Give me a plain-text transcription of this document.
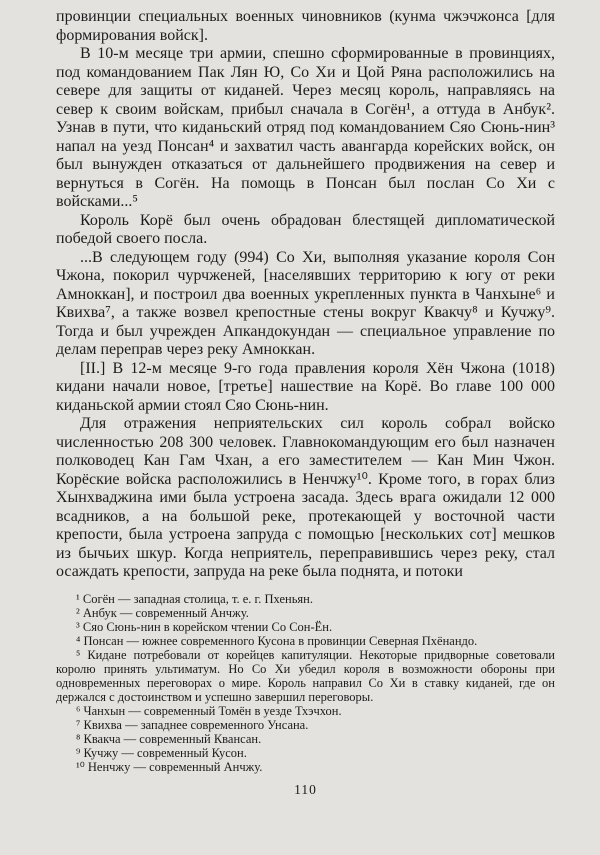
провинции специальных военных чиновников (кунма чжэчжонса [для формирования войск].

В 10-м месяце три армии, спешно сформированные в провинциях, под командованием Пак Лян Ю, Со Хи и Цой Ряна расположились на севере для защиты от киданей. Через месяц король, направляясь на север к своим войскам, прибыл сначала в Согён¹, а оттуда в Анбук². Узнав в пути, что киданьский отряд под командованием Сяо Сюнь-нин³ напал на уезд Понсан⁴ и захватил часть авангарда корейских войск, он был вынужден отказаться от дальнейшего продвижения на север и вернуться в Согён. На помощь в Понсан был послан Со Хи с войсками...⁵

Король Корё был очень обрадован блестящей дипломатической победой своего посла.

...В следующем году (994) Со Хи, выполняя указание короля Сон Чжона, покорил чурчженей, [населявших территорию к югу от реки Амноккан], и построил два военных укрепленных пункта в Чанхыне⁶ и Квихва⁷, а также возвел крепостные стены вокруг Квакчу⁸ и Кучжу⁹. Тогда и был учрежден Апкандокундан — специальное управление по делам переправ через реку Амноккан.

[II.] В 12-м месяце 9-го года правления короля Хён Чжона (1018) кидани начали новое, [третье] нашествие на Корё. Во главе 100 000 киданьской армии стоял Сяо Сюнь-нин.

Для отражения неприятельских сил король собрал войско численностью 208 300 человек. Главнокомандующим его был назначен полководец Кан Гам Чхан, а его заместителем — Кан Мин Чжон. Корёские войска расположились в Ненчжу¹⁰. Кроме того, в горах близ Хынхваджина ими была устроена засада. Здесь врага ожидали 12 000 всадников, а на большой реке, протекающей у восточной части крепости, была устроена запруда с помощью [нескольких сот] мешков из бычьих шкур. Когда неприятель, переправившись через реку, стал осаждать крепости, запруда на реке была поднята, и потоки

¹ Согён — западная столица, т. е. г. Пхеньян.

² Анбук — современный Анчжу.

³ Сяо Сюнь-нин в корейском чтении Со Сон-Ён.

⁴ Понсан — южнее современного Кусона в провинции Северная Пхёнандо.

⁵ Кидане потребовали от корейцев капитуляции. Некоторые придворные советовали королю принять ультиматум. Но Со Хи убедил короля в возможности обороны при одновременных переговорах о мире. Король направил Со Хи в ставку киданей, где он держался с достоинством и успешно завершил переговоры.

⁶ Чанхын — современный Томён в уезде Тхэчхон.

⁷ Квихва — западнее современного Унсана.

⁸ Квакча — современный Квансан.

⁹ Кучжу — современный Кусон.

¹⁰ Ненчжу — современный Анчжу.

110
